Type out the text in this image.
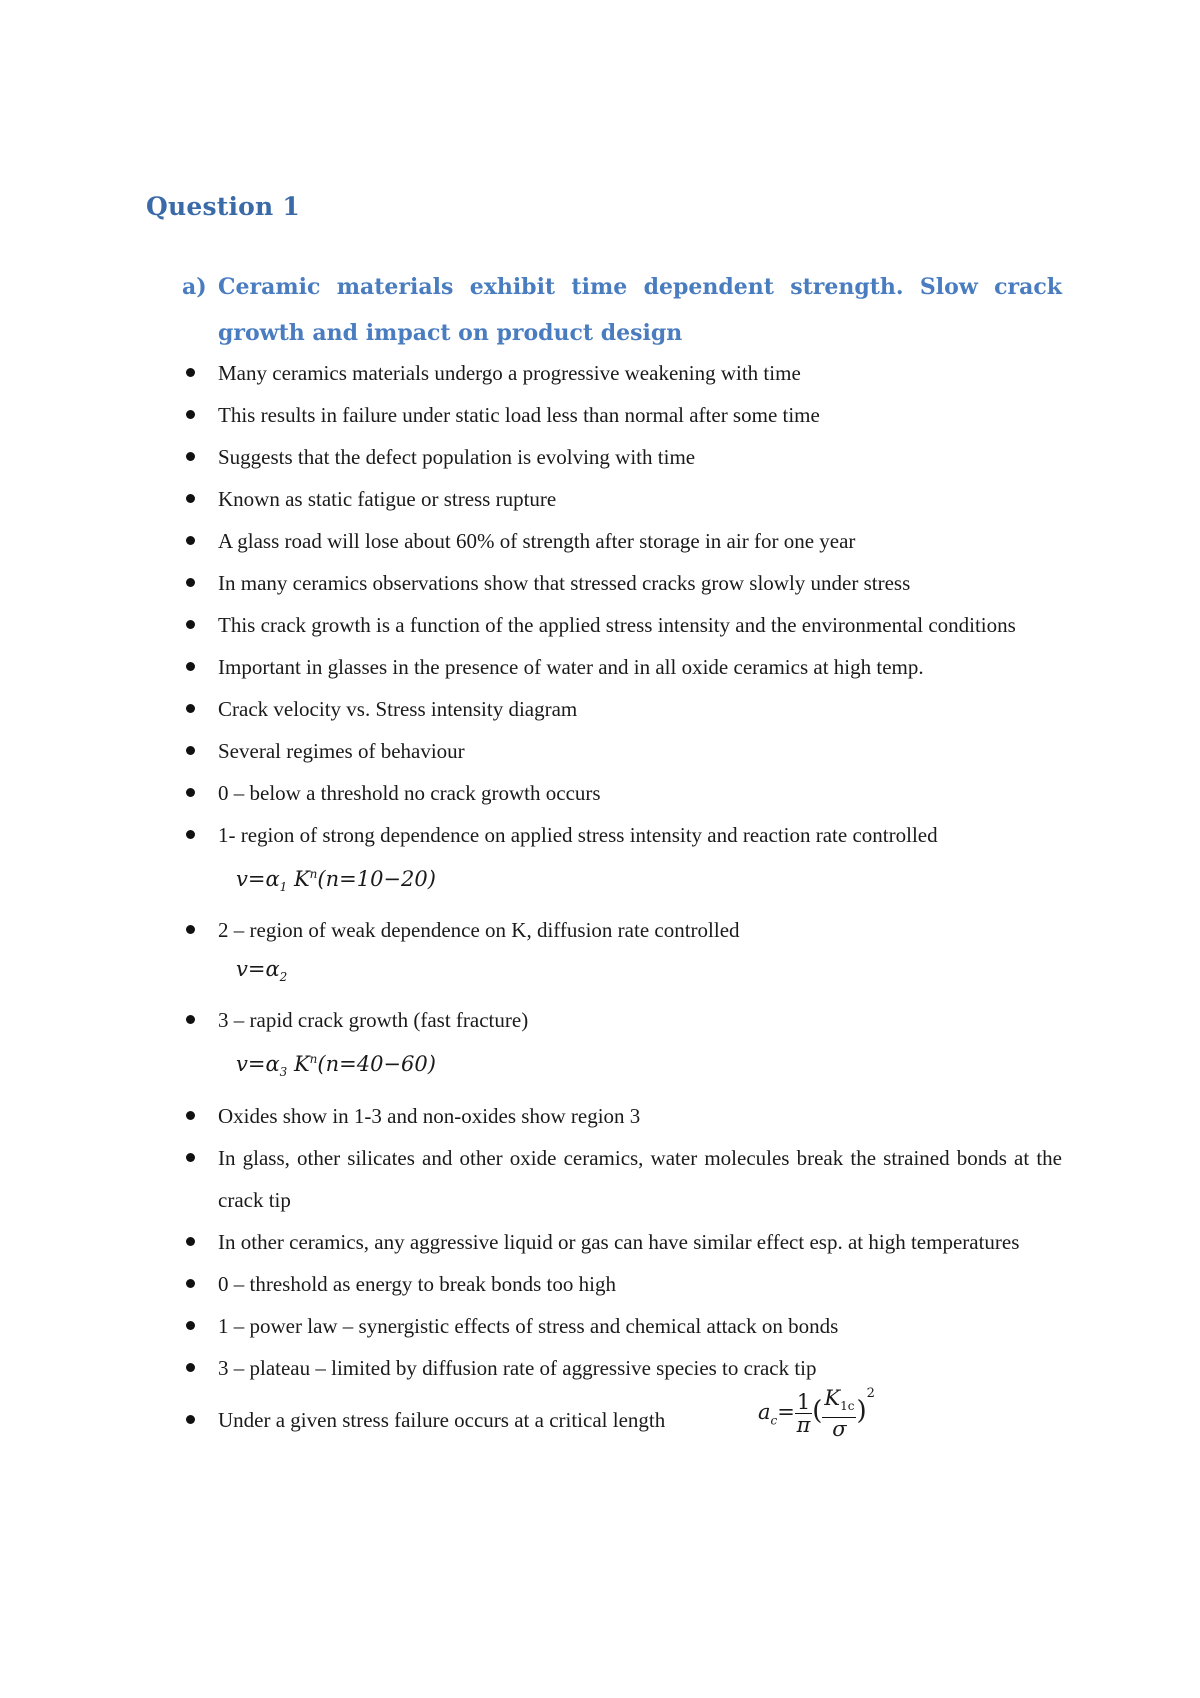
Question 1
a) Ceramic materials exhibit time dependent strength. Slow crack
growth and impact on product design
Many ceramics materials undergo a progressive weakening with time
This results in failure under static load less than normal after some time
Suggests that the defect population is evolving with time
Known as static fatigue or stress rupture
A glass road will lose about 60% of strength after storage in air for one year
In many ceramics observations show that stressed cracks grow slowly under stress
This crack growth is a function of the applied stress intensity and the environmental conditions
Important in glasses in the presence of water and in all oxide ceramics at high temp.
Crack velocity vs. Stress intensity diagram
Several regimes of behaviour
0 – below a threshold no crack growth occurs
1- region of strong dependence on applied stress intensity and reaction rate controlled
$v=\alpha_1$ $K^n(n=10-20)$
2 – region of weak dependence on K, diffusion rate controlled
$v=\alpha_2$
3 – rapid crack growth (fast fracture)
$v=\alpha_3$ $K^n(n=40-60)$
Oxides show in 1-3 and non-oxides show region 3
In glass, other silicates and other oxide ceramics, water molecules break the strained bonds at the crack tip
In other ceramics, any aggressive liquid or gas can have similar effect esp. at high temperatures
0 – threshold as energy to break bonds too high
1 – power law – synergistic effects of stress and chemical attack on bonds
3 – plateau – limited by diffusion rate of aggressive species to crack tip
Under a given stress failure occurs at a critical length	$a_c= \frac{1}{\pi}$ ( $\frac{K_{1c}}{\sigma} )^2$
